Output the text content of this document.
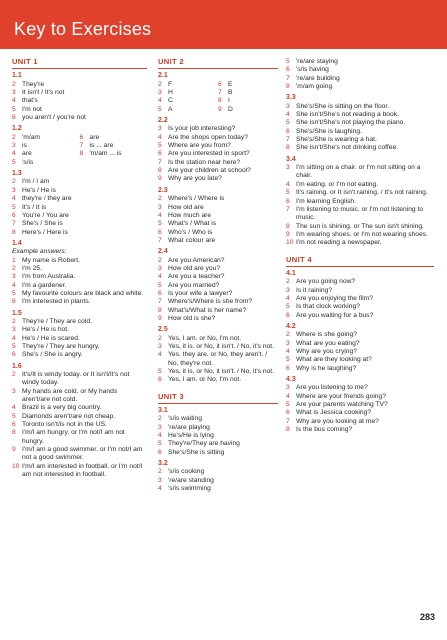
Key to Exercises
UNIT 1
1.1
2 They're
3 It isn't / It's not
4 that's
5 I'm not
6 you aren't / you're not
1.2
2 'm/am	6 are
3 is	7 is ... are
4 are	8 'm/am ... is
5 's/is
1.3
2 I'm / I am
3 He's / He is
4 they're / they are
5 It's / It is
6 You're / You are
7 She's / She is
8 Here's / Here is
1.4
Example answers:
1 My name is Robert.
2 I'm 25.
3 I'm from Australia.
4 I'm a gardener.
5 My favourite colours are black and white.
6 I'm interested in plants.
1.5
2 They're / They are cold.
3 He's / He is hot.
4 He's / He is scared.
5 They're / They are hungry.
6 She's / She is angry.
1.6
2 It's/It is windy today. or It isn't/It's not windy today.
3 My hands are cold. or My hands aren't/are not cold.
4 Brazil is a very big country.
5 Diamonds aren't/are not cheap.
6 Toronto isn't/is not in the US.
8 I'm/I am hungry. or I'm not/I am not hungry.
9 I'm/I am a good swimmer. or I'm not/I am not a good swimmer.
10 I'm/I am interested in football. or I'm not/I am not interested in football.
UNIT 2
2.1
2 F	6 E
3 H	7 B
4 C	8 I
5 A	9 D
2.2
3 Is your job interesting?
4 Are the shops open today?
5 Where are you from?
6 Are you interested in sport?
7 Is the station near here?
8 Are your children at school?
9 Why are you late?
2.3
2 Where's / Where is
3 How old are
4 How much are
5 What's / What is
6 Who's / Who is
7 What colour are
2.4
2 Are you American?
3 How old are you?
4 Are you a teacher?
5 Are you married?
6 Is your wife a lawyer?
7 Where's/Where is she from?
8 What's/What is her name?
9 How old is she?
2.5
2 Yes, I am. or No, I'm not.
3 Yes, it is. or No, it isn't. / No, it's not.
4 Yes, they are. or No, they aren't. / No, they're not.
5 Yes, it is. or No, it isn't. / No, it's not.
6 Yes, I am. or No, I'm not.
UNIT 3
3.1
2 's/is waiting
3 're/are playing
4 He's/He is lying
5 They're/They are having
6 She's/She is sitting
3.2
2 's/is cooking
3 're/are standing
4 's/is swimming
5 're/are staying
6 's/is having
7 're/are building
8 'm/am going
3.3
3 She's/She is sitting on the floor.
4 She isn't/She's not reading a book.
5 She isn't/She's not playing the piano.
6 She's/She is laughing.
7 She's/She is wearing a hat.
8 She isn't/She's not drinking coffee.
3.4
3 I'm sitting on a chair. or I'm not sitting on a chair.
4 I'm eating. or I'm not eating.
5 It's raining. or It isn't raining. / It's not raining.
6 I'm learning English.
7 I'm listening to music. or I'm not listening to music.
8 The sun is shining. or The sun isn't shining.
9 I'm wearing shoes. or I'm not wearing shoes.
10 I'm not reading a newspaper.
UNIT 4
4.1
2 Are you going now?
3 Is it raining?
4 Are you enjoying the film?
5 Is that clock working?
6 Are you waiting for a bus?
4.2
2 Where is she going?
3 What are you eating?
4 Why are you crying?
5 What are they looking at?
6 Why is he laughing?
4.3
3 Are you listening to me?
4 Where are your friends going?
5 Are your parents watching TV?
6 What is Jessica cooking?
7 Why are you looking at me?
8 Is the bus coming?
283
